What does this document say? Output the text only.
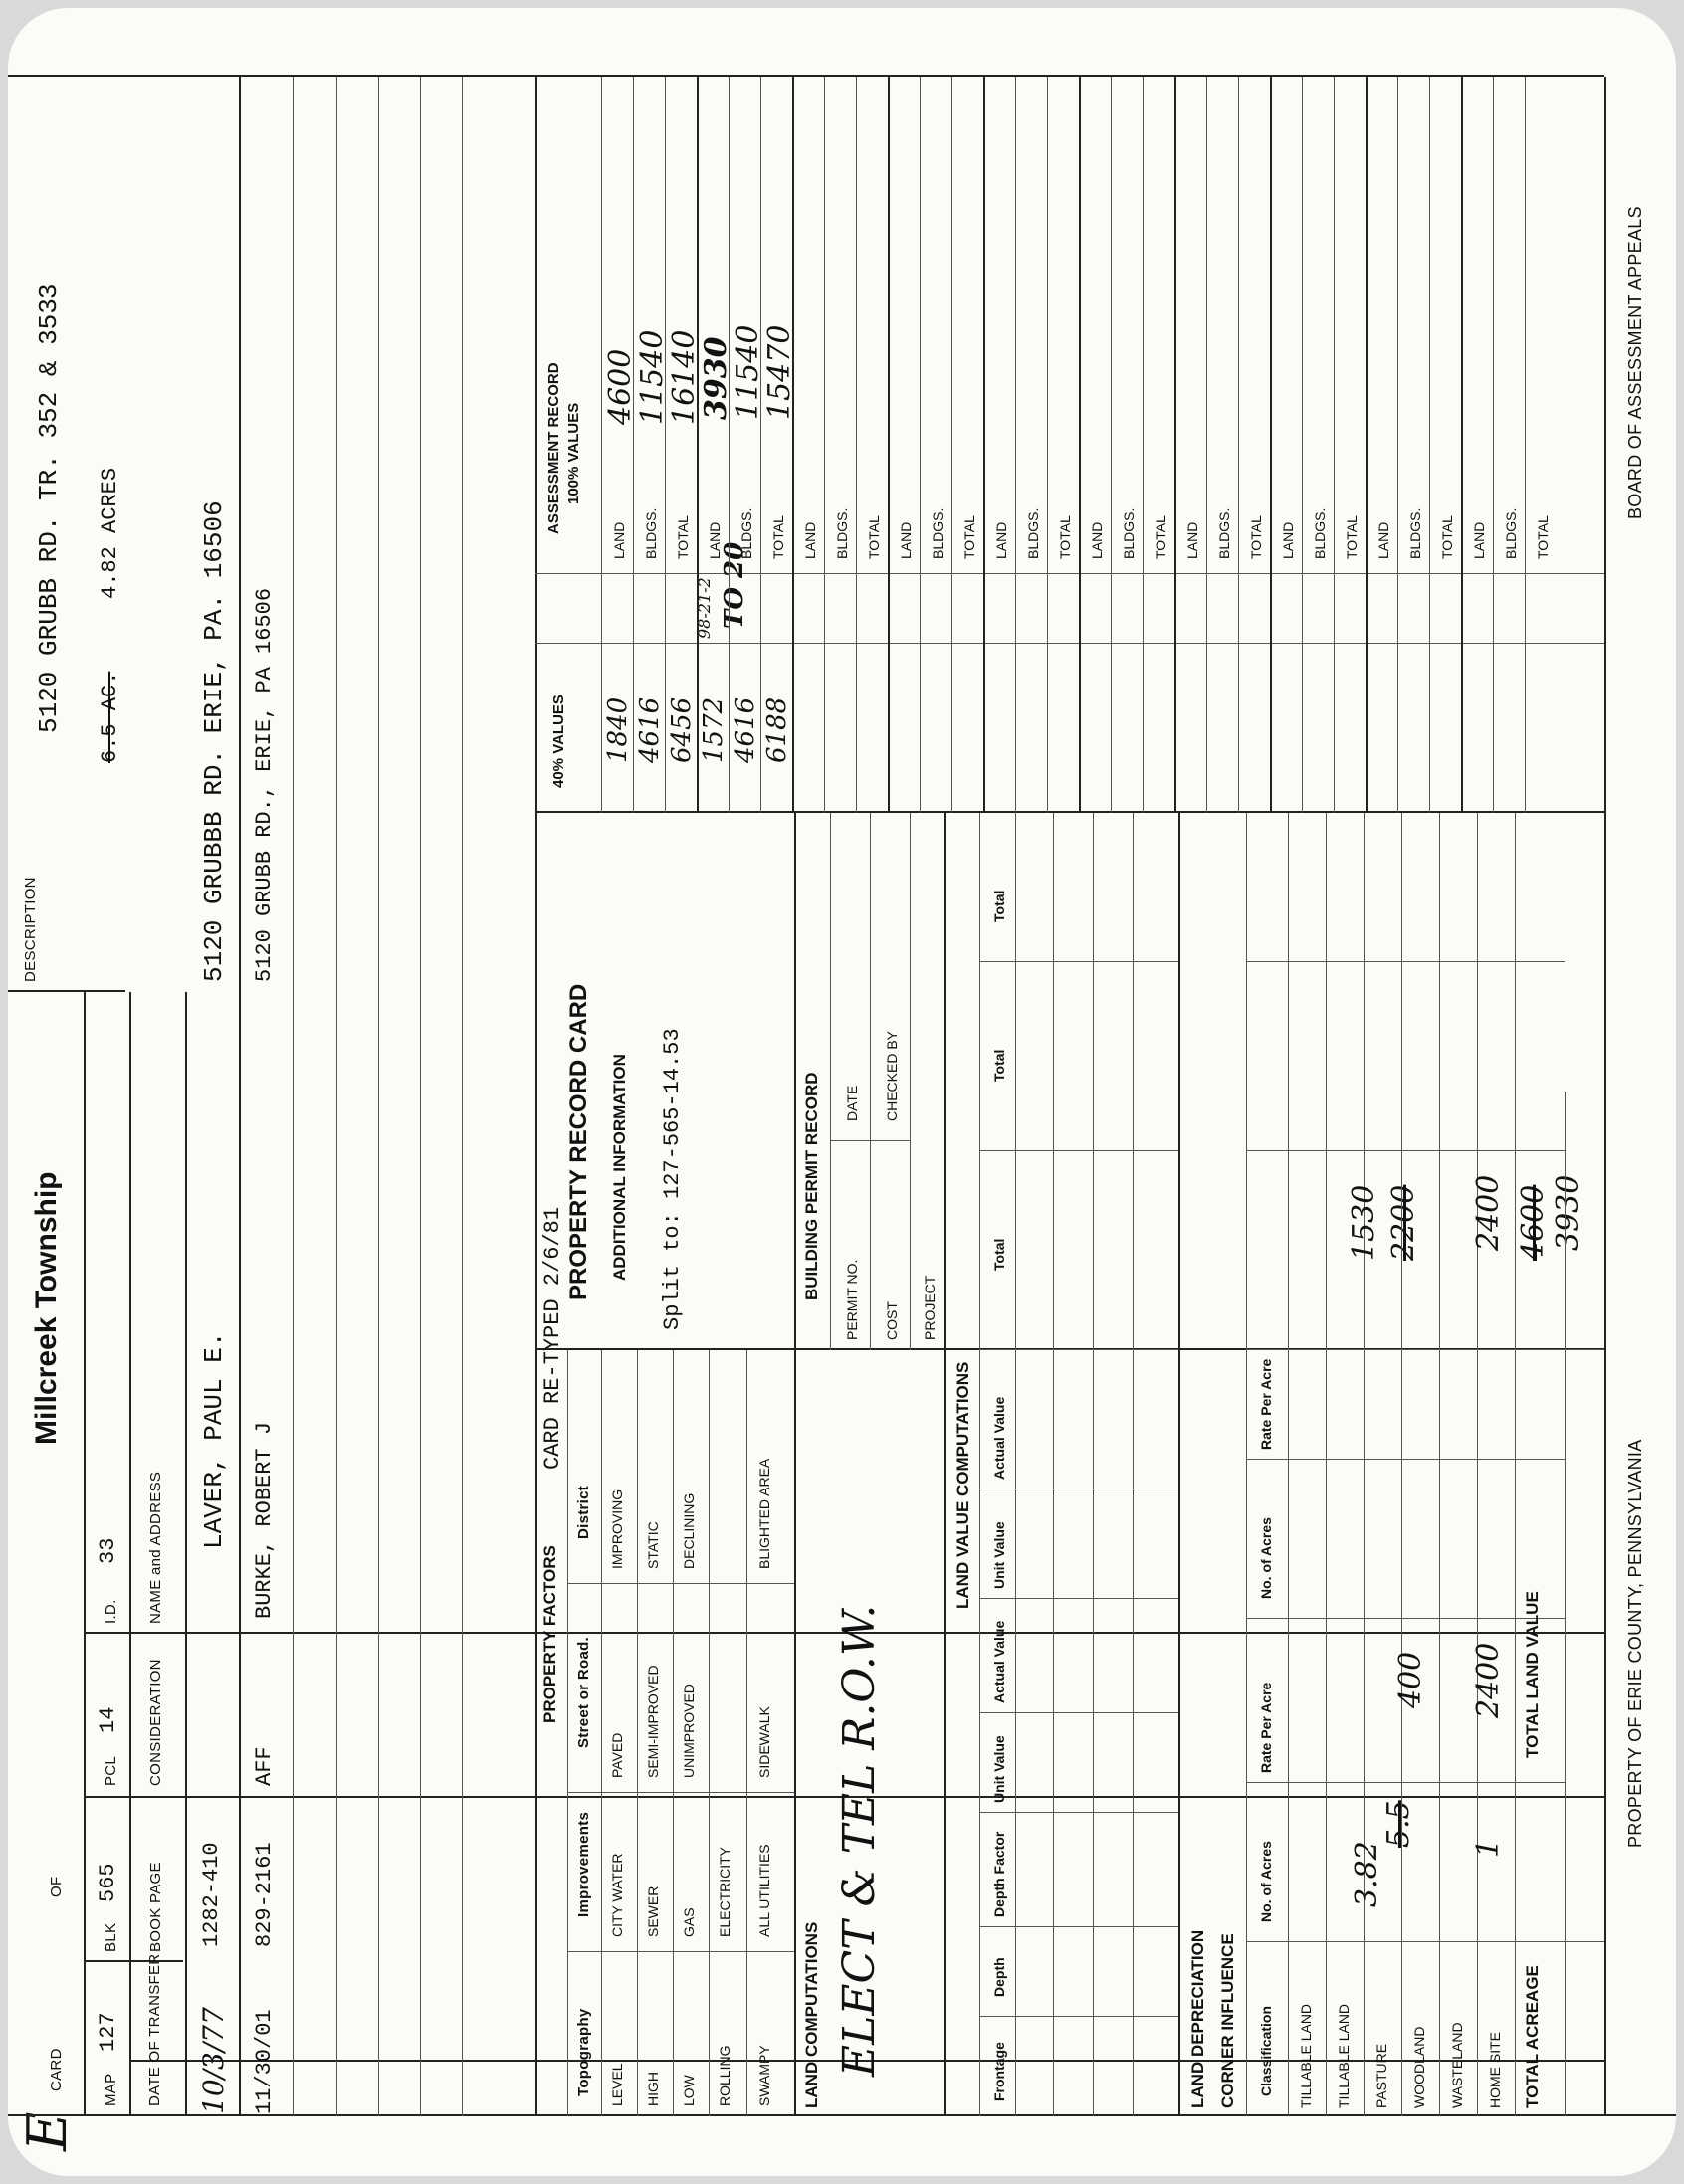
E
CARD
OF
Millcreek Township
DESCRIPTION
5120 GRUBB RD. TR. 352 & 3533
MAP
127
BLK
565
PCL
14
I.D.
33
6.5 AC.
4.82 ACRES
DATE OF TRANSFER
BOOK PAGE
CONSIDERATION
NAME and ADDRESS
10/3/77
1282-410
LAVER, PAUL E.
5120 GRUBBB RD. ERIE, PA. 16506
11/30/01
829-2161
AFF
BURKE, ROBERT J
5120 GRUBB RD., ERIE, PA 16506
PROPERTY FACTORS
CARD RE-TYPED 2/6/81
Topography
Improvements
Street or Road.
District
LEVEL HIGH LOW ROLLING SWAMPY
CITY WATER SEWER GAS ELECTRICITY ALL UTILITIES
PAVED SEMI-IMPROVED UNIMPROVED	SIDEWALK
IMPROVING STATIC DECLINING	BLIGHTED AREA
PROPERTY RECORD CARD ADDITIONAL INFORMATION Split to: 127-565-14.53
LAND COMPUTATIONS ELECT & TEL R.O.W.
BUILDING PERMIT RECORD PERMIT NO.
DATE
COST
CHECKED BY
PROJECT
LAND VALUE COMPUTATIONS
Frontage
Depth
Depth Factor
Unit Value
Actual Value
Unit Value
Actual Value
Total
Total
Total
LAND DEPRECIATION CORNER INFLUENCE Classification
No. of Acres
Rate Per Acre
No. of Acres
Rate Per Acre
TILLABLE LAND TILLABLE LAND PASTURE
3.82
5.5
1530 2200
WOODLAND
400
WASTELAND HOME SITE
1
2400
2400
TOTAL ACREAGE
TOTAL LAND VALUE
4600 3930
40% VALUES
ASSESSMENT RECORD 100% VALUES
1840 4616 6456 1572 4616 6188
98-21-2 TO 20
LAND
4600
BLDGS.
11540
TOTAL
16140
LAND
3930
BLDGS.
11540
TOTAL
15470
LAND BLDGS. TOTAL LAND BLDGS. TOTAL LAND BLDGS. TOTAL LAND BLDGS. TOTAL LAND BLDGS. TOTAL LAND BLDGS. TOTAL LAND BLDGS. TOTAL LAND BLDGS. TOTAL
PROPERTY OF ERIE COUNTY, PENNSYLVANIA
BOARD OF ASSESSMENT APPEALS
